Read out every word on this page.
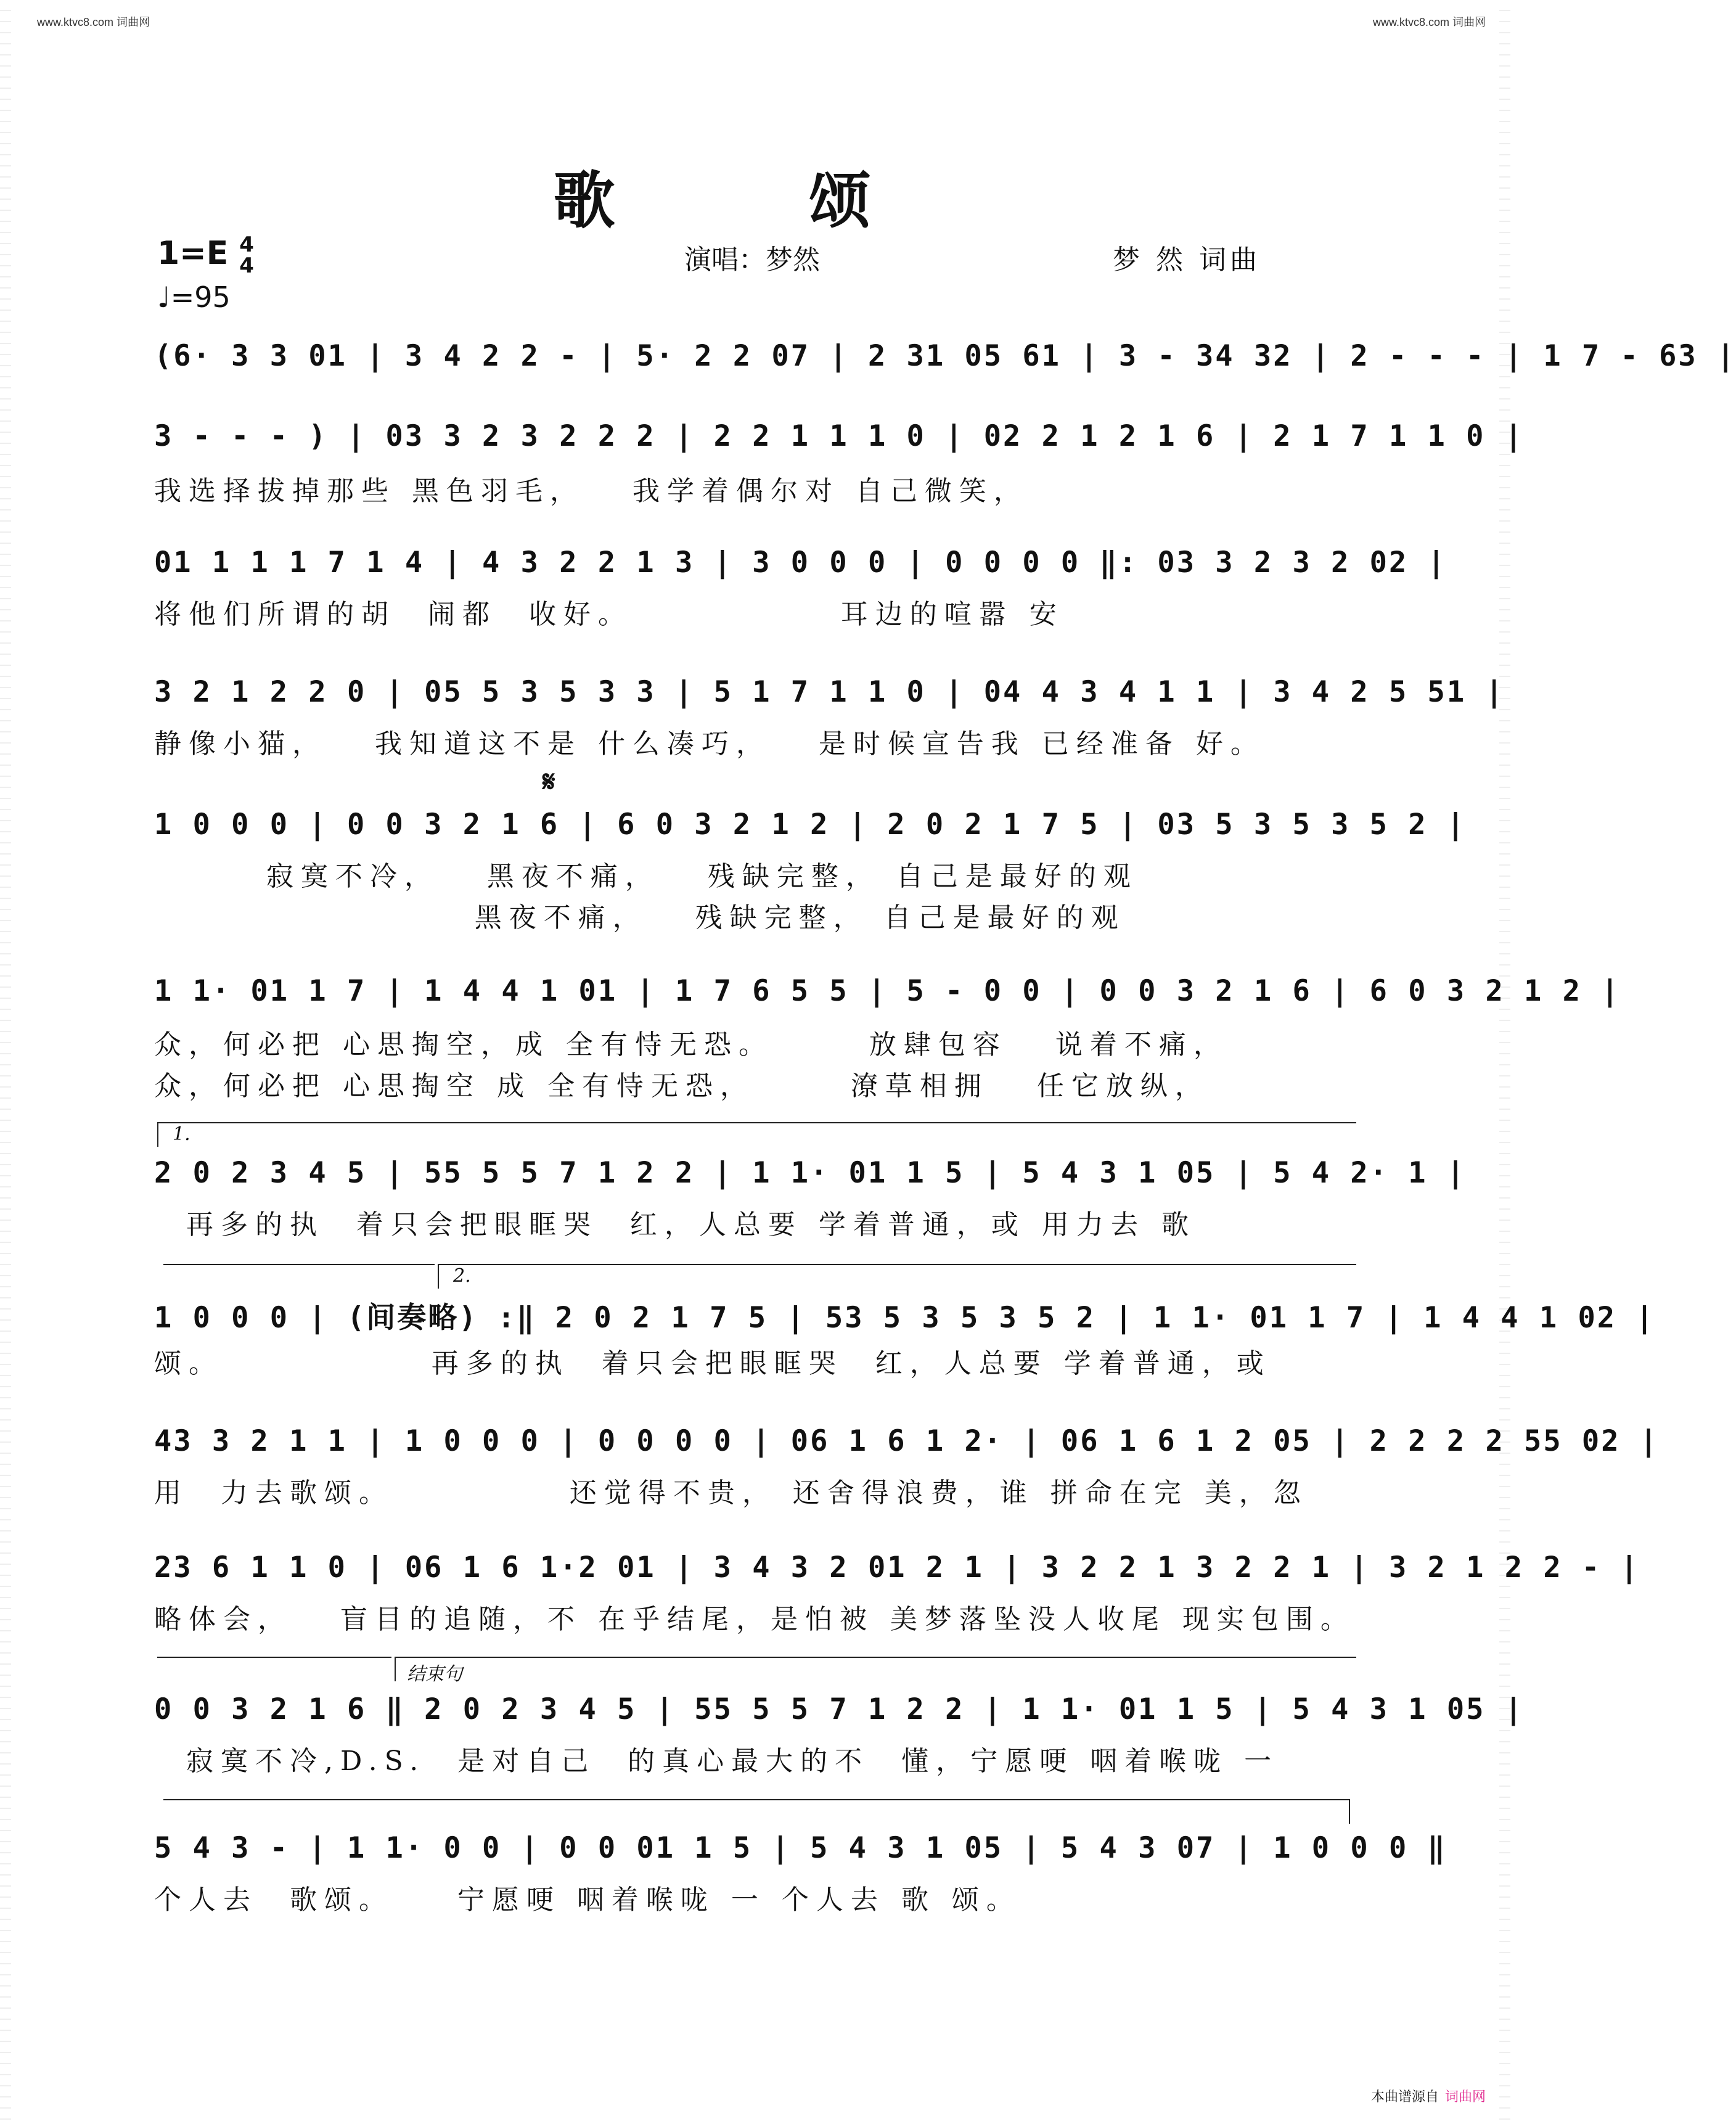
www.ktvc8.com 词曲网	www.ktvc8.com 词曲网
歌 颂
1=E 4
4
♩=95
演唱：梦然	梦 然 词曲
(6· 3 3 01 | 3 4 2 2 - | 5· 2 2 07 | 2 31 05 61 | 3 - 34 32 | 2 - - - | 1 7 - 63 |
3 - - - ) | 03 3 2 3 2 2 2 | 2 2 1 1 1 0 | 02 2 1 2 1 6 | 2 1 7 1 1 0 |
我选择拔掉那些 黑色羽毛，   我学着偶尔对 自己微笑，
01 1 1 1 7 1 4 | 4 3 2 2 1 3 | 3 0 0 0 | 0 0 0 0 ‖: 03 3 2 3 2 02 |
将他们所谓的胡  闹都  收好。             耳边的喧嚣 安
3 2 1 2 2 0 | 05 5 3 5 3 3 | 5 1 7 1 1 0 | 04 4 3 4 1 1 | 3 4 2 5 51 |
静像小猫，   我知道这不是 什么凑巧，   是时候宣告我 已经准备 好。
𝄋
1 0 0 0 | 0 0 3 2 1 6 | 6 0 3 2 1 2 | 2 0 2 1 7 5 | 03 5 3 5 3 5 2 |
寂寞不冷，   黑夜不痛，   残缺完整， 自己是最好的观
黑夜不痛，   残缺完整， 自己是最好的观
1 1· 01 1 7 | 1 4 4 1 01 | 1 7 6 5 5 | 5 - 0 0 | 0 0 3 2 1 6 | 6 0 3 2 1 2 |
众，何必把 心思掏空，成 全有恃无恐。      放肆包容   说着不痛，
众，何必把 心思掏空 成 全有恃无恐，      潦草相拥   任它放纵，
1.
2 0 2 3 4 5 | 55 5 5 7 1 2 2 | 1 1· 01 1 5 | 5 4 3 1 05 | 5 4 2· 1 |
再多的执  着只会把眼眶哭  红，人总要 学着普通，或 用力去 歌
2.
1 0 0 0 | (间奏略) :‖ 2 0 2 1 7 5 | 53 5 3 5 3 5 2 | 1 1· 01 1 7 | 1 4 4 1 02 |
颂。             再多的执  着只会把眼眶哭  红，人总要 学着普通，或
43 3 2 1 1 | 1 0 0 0 | 0 0 0 0 | 06 1 6 1 2· | 06 1 6 1 2 05 | 2 2 2 2 55 02 |
用  力去歌颂。           还觉得不贵， 还舍得浪费，谁 拼命在完 美，忽
23 6 1 1 0 | 06 1 6 1·2 01 | 3 4 3 2 01 2 1 | 3 2 2 1 3 2 2 1 | 3 2 1 2 2 - |
略体会，   盲目的追随，不 在乎结尾，是怕被 美梦落坠没人收尾 现实包围。
结束句
0 0 3 2 1 6 ‖ 2 0 2 3 4 5 | 55 5 5 7 1 2 2 | 1 1· 01 1 5 | 5 4 3 1 05 |
寂寞不冷,D.S.  是对自己  的真心最大的不  懂，宁愿哽 咽着喉咙 一
5 4 3 - | 1 1· 0 0 | 0 0 01 1 5 | 5 4 3 1 05 | 5 4 3 07 | 1 0 0 0 ‖
个人去  歌颂。    宁愿哽 咽着喉咙 一 个人去 歌 颂。
本曲谱源自 词曲网
